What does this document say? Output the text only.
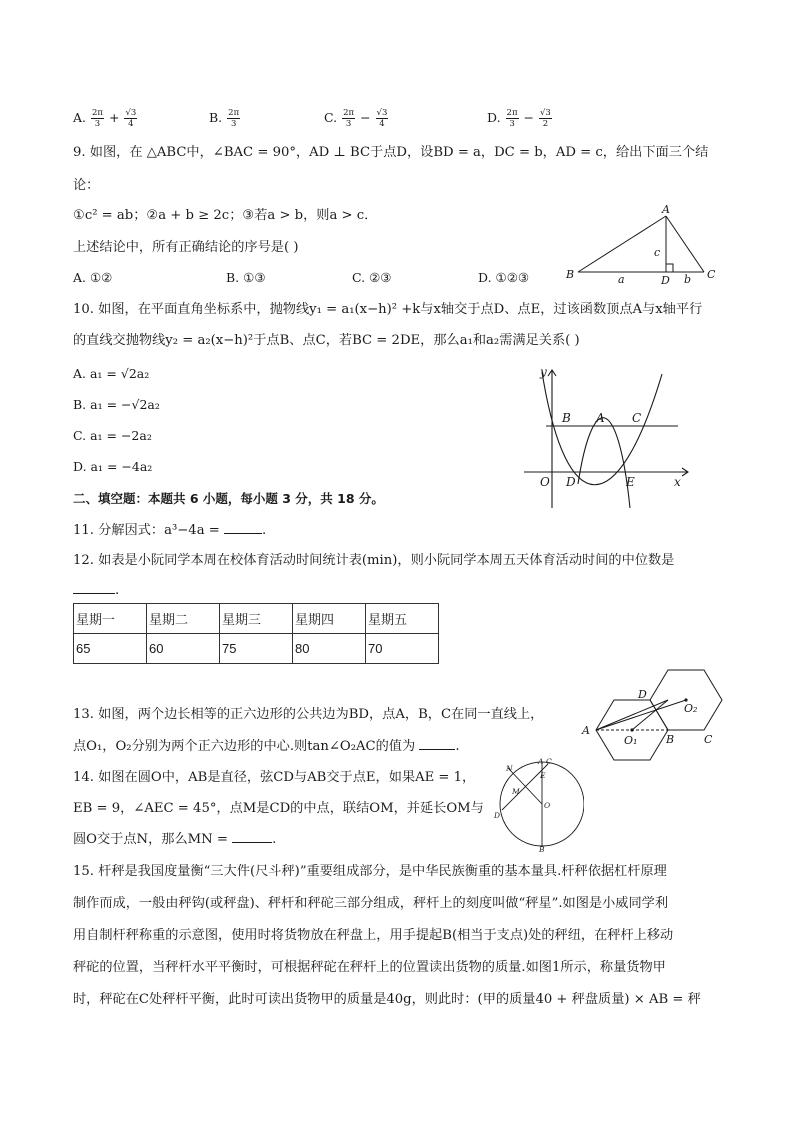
A. $\frac{2\pi}{3} + \frac{√3}{4}$	B. $\frac{2\pi}{3}$	C. $\frac{2\pi}{3} - \frac{√3}{4}$	D. $\frac{2\pi}{3} - \frac{√3}{2}$
9. 如图，在 △ABC中，∠BAC = 90°，AD ⊥ BC于点D，设BD = a，DC = b，AD = c，给出下面三个结
论：
①c² = ab；②a + b ≥ 2c；③若a > b，则a > c．
上述结论中，所有正确结论的序号是( )
A. ①②	B. ①③	C. ②③	D. ①②③
A
B	C
D
a	b
c
10. 如图，在平面直角坐标系中，抛物线y₁ = a₁(x−h)² +k与x轴交于点D、点E，过该函数顶点A与x轴平行
的直线交抛物线y₂ = a₂(x−h)²于点B、点C，若BC = 2DE，那么a₁和a₂需满足关系( )
A. a₁ = √2a₂
B. a₁ = −√2a₂
C. a₁ = −2a₂
D. a₁ = −4a₂
y
x
O
B A C
D	E
二、填空题：本题共 6 小题，每小题 3 分，共 18 分。
11. 分解因式：a³−4a =	.
12. 如表是小阮同学本周在校体育活动时间统计表(min)，则小阮同学本周五天体育活动时间的中位数是
.
星期一	星期二	星期三	星期四	星期五
65	60	75	80	70
13. 如图，两个边长相等的正六边形的公共边为BD，点A，B，C在同一直线上，
点O₁，O₂分别为两个正六边形的中心.则tan∠O₂AC的值为	.
A
B	C
D
O₁
O₂
14. 如图在圆O中，AB是直径，弦CD与AB交于点E，如果AE = 1，
EB = 9，∠AEC = 45°，点M是CD的中点，联结OM，并延长OM与
圆O交于点N，那么MN =	.
A C
N
E
M
O
D
B
15. 杆秤是我国度量衡“三大件(尺斗秤)”重要组成部分，是中华民族衡重的基本量具.杆秤依据杠杆原理
制作而成，一般由秤钩(或秤盘)、秤杆和秤砣三部分组成，秤杆上的刻度叫做“秤星”.如图是小威同学利
用自制杆秤称重的示意图，使用时将货物放在秤盘上，用手提起B(相当于支点)处的秤纽，在秤杆上移动
秤砣的位置，当秤杆水平平衡时，可根据秤砣在秤杆上的位置读出货物的质量.如图1所示，称量货物甲
时，秤砣在C处秤杆平衡，此时可读出货物甲的质量是40g，则此时：(甲的质量40 + 秤盘质量) × AB = 秤
